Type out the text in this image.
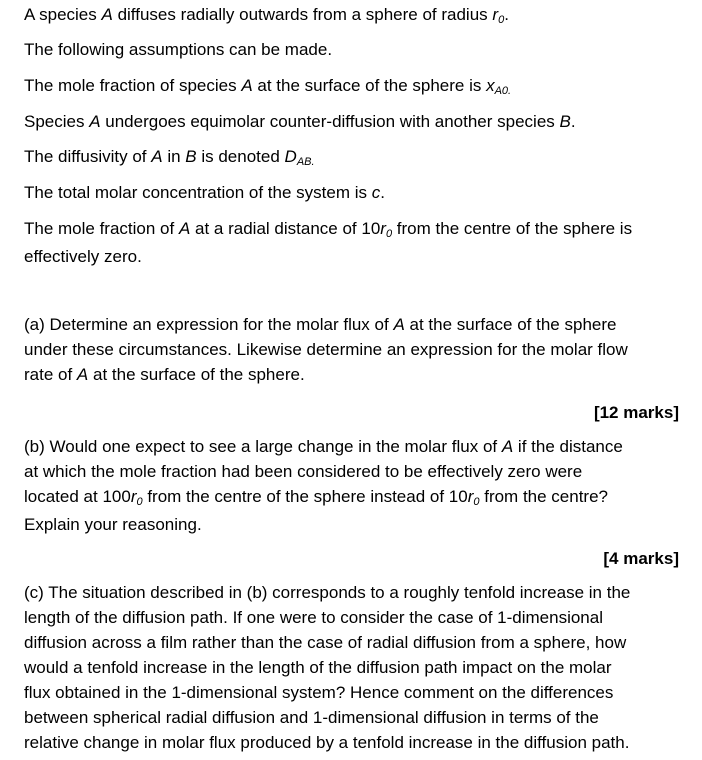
A species A diffuses radially outwards from a sphere of radius r0.

The following assumptions can be made.

The mole fraction of species A at the surface of the sphere is xA0.

Species A undergoes equimolar counter-diffusion with another species B.

The diffusivity of A in B is denoted DAB.

The total molar concentration of the system is c.

The mole fraction of A at a radial distance of 10r0 from the centre of the sphere is
effectively zero.

(a) Determine an expression for the molar flux of A at the surface of the sphere
under these circumstances. Likewise determine an expression for the molar flow
rate of A at the surface of the sphere.

[12 marks]

(b) Would one expect to see a large change in the molar flux of A if the distance
at which the mole fraction had been considered to be effectively zero were
located at 100r0 from the centre of the sphere instead of 10r0 from the centre?
Explain your reasoning.

[4 marks]

(c) The situation described in (b) corresponds to a roughly tenfold increase in the
length of the diffusion path. If one were to consider the case of 1-dimensional
diffusion across a film rather than the case of radial diffusion from a sphere, how
would a tenfold increase in the length of the diffusion path impact on the molar
flux obtained in the 1-dimensional system? Hence comment on the differences
between spherical radial diffusion and 1-dimensional diffusion in terms of the
relative change in molar flux produced by a tenfold increase in the diffusion path.
